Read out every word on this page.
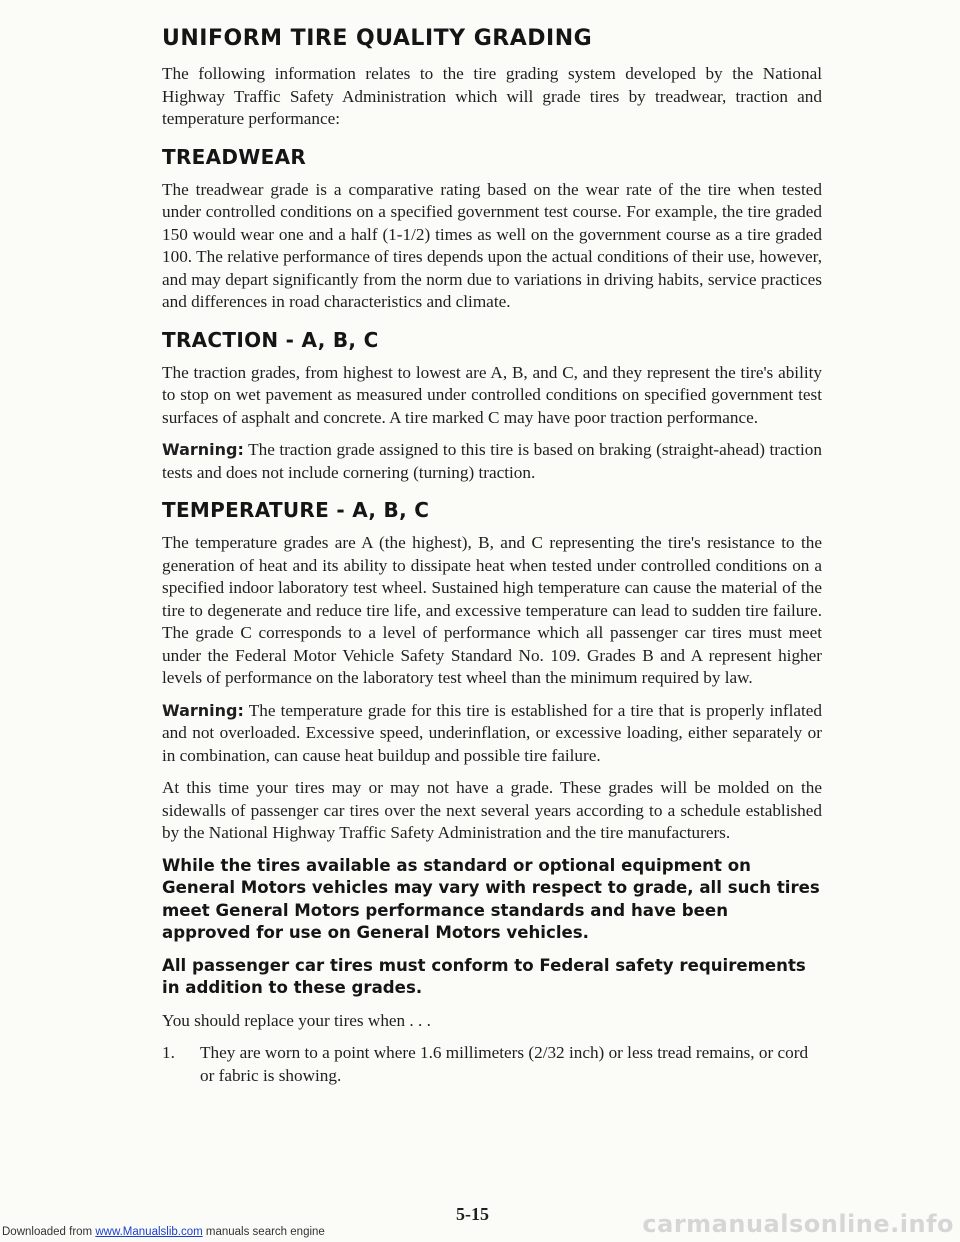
UNIFORM TIRE QUALITY GRADING

The following information relates to the tire grading system developed by the National Highway Traffic Safety Administration which will grade tires by treadwear, traction and temperature performance:

TREADWEAR

The treadwear grade is a comparative rating based on the wear rate of the tire when tested under controlled conditions on a specified government test course. For example, the tire graded 150 would wear one and a half (1-1/2) times as well on the government course as a tire graded 100. The relative performance of tires depends upon the actual conditions of their use, however, and may depart significantly from the norm due to variations in driving habits, service practices and differences in road characteristics and climate.

TRACTION - A, B, C

The traction grades, from highest to lowest are A, B, and C, and they represent the tire's ability to stop on wet pavement as measured under controlled conditions on specified government test surfaces of asphalt and concrete. A tire marked C may have poor traction performance.

Warning: The traction grade assigned to this tire is based on braking (straight-ahead) traction tests and does not include cornering (turning) traction.

TEMPERATURE - A, B, C

The temperature grades are A (the highest), B, and C representing the tire's resistance to the generation of heat and its ability to dissipate heat when tested under controlled conditions on a specified indoor laboratory test wheel. Sustained high temperature can cause the material of the tire to degenerate and reduce tire life, and excessive temperature can lead to sudden tire failure. The grade C corresponds to a level of performance which all passenger car tires must meet under the Federal Motor Vehicle Safety Standard No. 109. Grades B and A represent higher levels of performance on the laboratory test wheel than the minimum required by law.

Warning: The temperature grade for this tire is established for a tire that is properly inflated and not overloaded. Excessive speed, underinflation, or excessive loading, either separately or in combination, can cause heat buildup and possible tire failure.

At this time your tires may or may not have a grade. These grades will be molded on the sidewalls of passenger car tires over the next several years according to a schedule established by the National Highway Traffic Safety Administration and the tire manufacturers.

While the tires available as standard or optional equipment on General Motors vehicles may vary with respect to grade, all such tires meet General Motors performance standards and have been approved for use on General Motors vehicles.

All passenger car tires must conform to Federal safety requirements in addition to these grades.

You should replace your tires when . . .

1.	They are worn to a point where 1.6 millimeters (2/32 inch) or less tread remains, or cord or fabric is showing.
5-15
Downloaded from www.Manualslib.com manuals search engine	carmanualsonline.info
